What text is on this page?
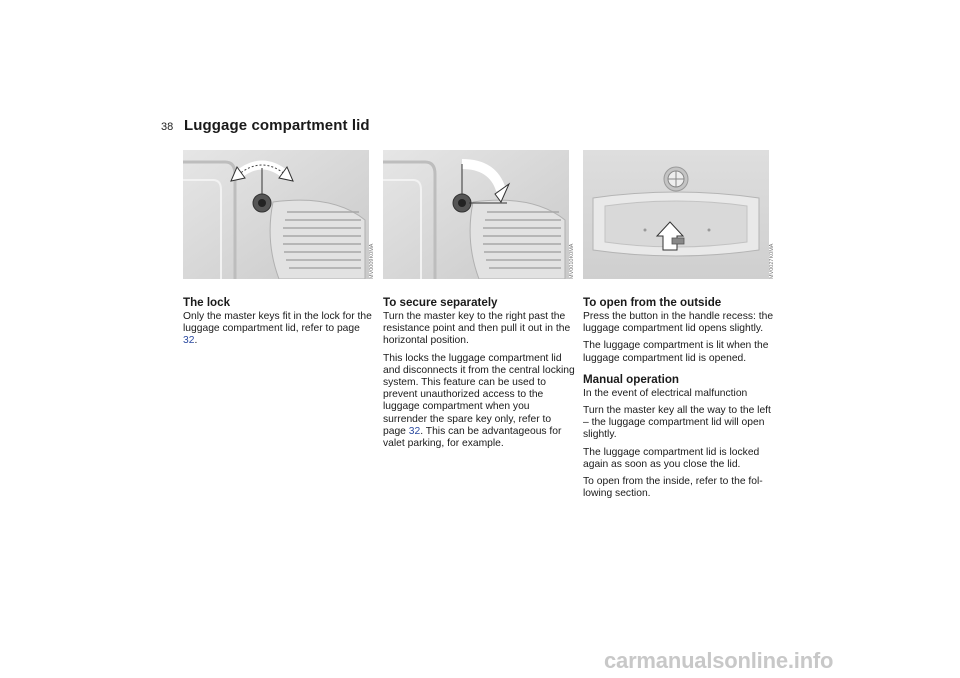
38 Luggage compartment lid
MV0009K0MA	MV0010K0MA	MV0027K0MA
The lock

Only the master keys fit in the lock for the luggage compartment lid, refer to page 32.

To secure separately

Turn the master key to the right past the resistance point and then pull it out in the horizontal position.

This locks the luggage compartment lid and disconnects it from the central locking system. This feature can be used to prevent unauthorized access to the luggage compartment when you surrender the spare key only, refer to page 32. This can be advantageous for valet parking, for example.

To open from the outside

Press the button in the handle recess: the luggage compartment lid opens slightly.

The luggage compartment is lit when the luggage compartment lid is opened.

Manual operation

In the event of electrical malfunction

Turn the master key all the way to the left – the luggage compartment lid will open slightly.

The luggage compartment lid is locked again as soon as you close the lid.

To open from the inside, refer to the fol-lowing section.

carmanualsonline.info
